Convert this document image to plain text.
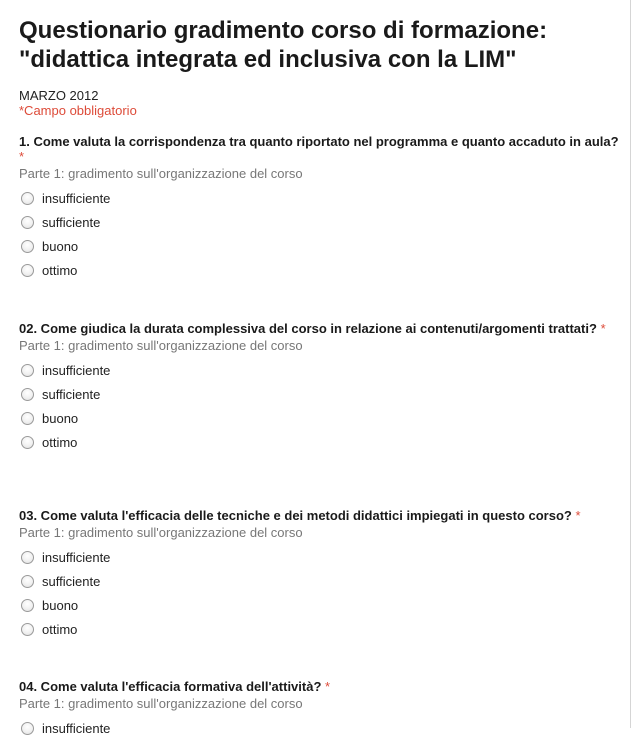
Questionario gradimento corso di formazione: "didattica integrata ed inclusiva con la LIM"
MARZO 2012
*Campo obbligatorio

1. Come valuta la corrispondenza tra quanto riportato nel programma e quanto accaduto in aula? *

Parte 1: gradimento sull'organizzazione del corso
insufficiente
sufficiente
buono
ottimo

02. Come giudica la durata complessiva del corso in relazione ai contenuti/argomenti trattati? *

Parte 1: gradimento sull'organizzazione del corso
insufficiente
sufficiente
buono
ottimo

03. Come valuta l'efficacia delle tecniche e dei metodi didattici impiegati in questo corso? *

Parte 1: gradimento sull'organizzazione del corso
insufficiente
sufficiente
buono
ottimo

04. Come valuta l'efficacia formativa dell'attività? *

Parte 1: gradimento sull'organizzazione del corso
insufficiente
